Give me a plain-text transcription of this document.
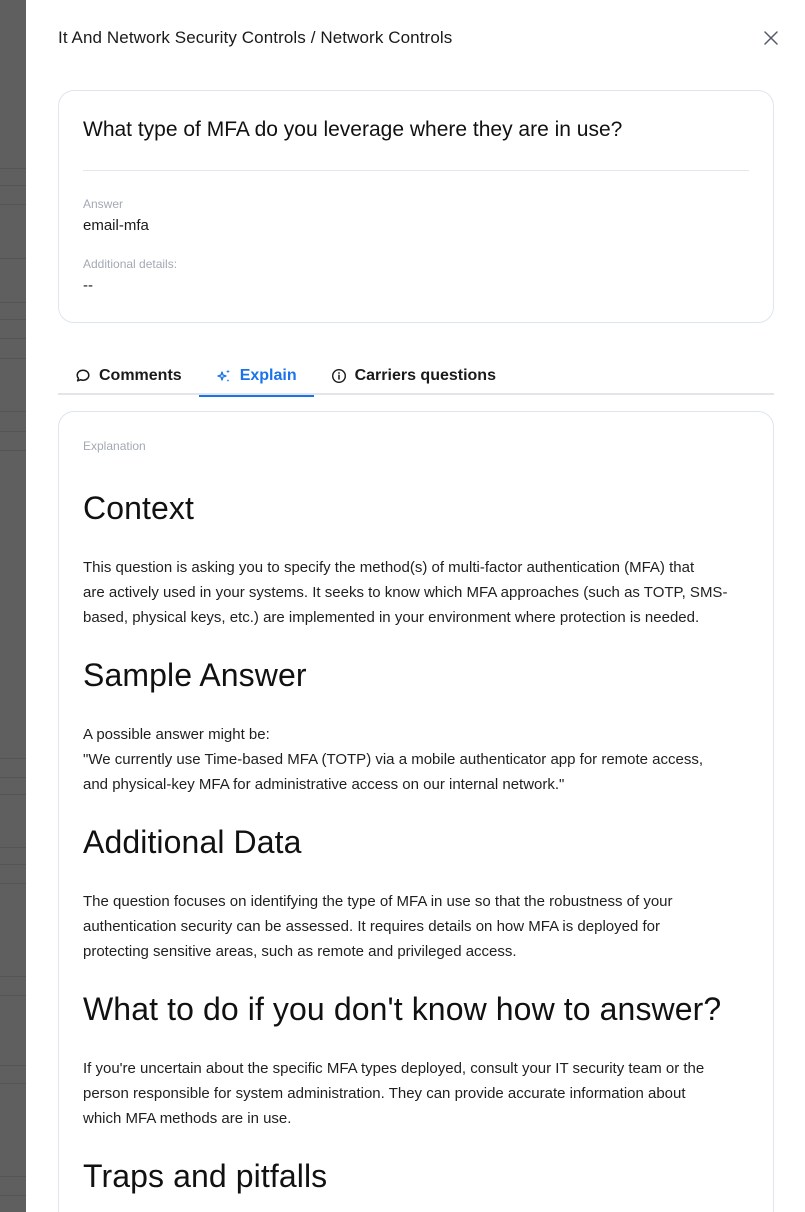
It And Network Security Controls / Network Controls
What type of MFA do you leverage where they are in use?
Answer
email-mfa
Additional details:
--
Comments	Explain	Carriers questions
Explanation
Context

This question is asking you to specify the method(s) of multi-factor authentication (MFA) that

are actively used in your systems. It seeks to know which MFA approaches (such as TOTP, SMS-

based, physical keys, etc.) are implemented in your environment where protection is needed.

Sample Answer

A possible answer might be:

"We currently use Time-based MFA (TOTP) via a mobile authenticator app for remote access,

and physical-key MFA for administrative access on our internal network."

Additional Data

The question focuses on identifying the type of MFA in use so that the robustness of your

authentication security can be assessed. It requires details on how MFA is deployed for

protecting sensitive areas, such as remote and privileged access.

What to do if you don't know how to answer?

If you're uncertain about the specific MFA types deployed, consult your IT security team or the

person responsible for system administration. They can provide accurate information about

which MFA methods are in use.

Traps and pitfalls
